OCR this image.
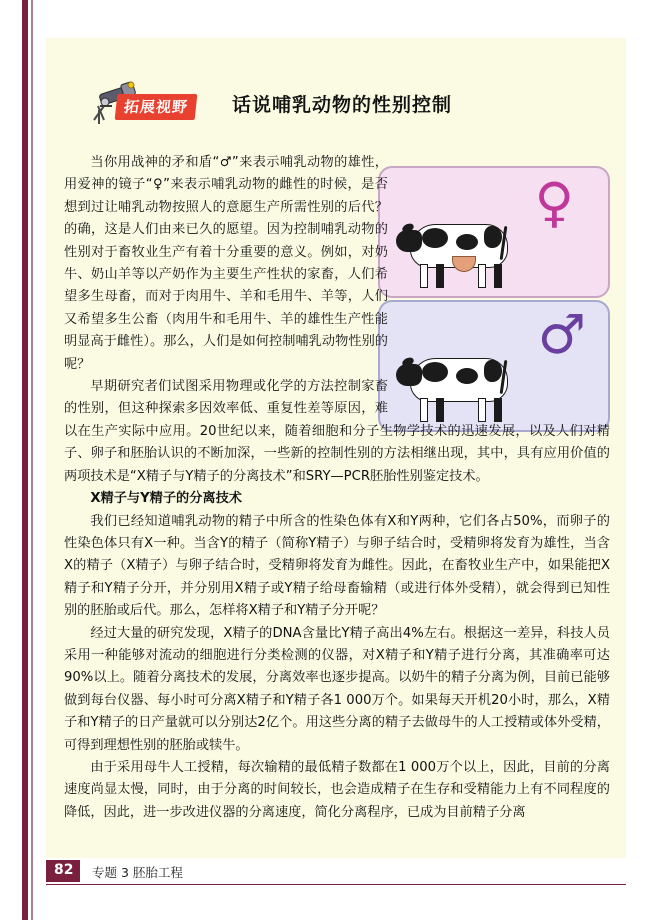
拓展视野	话说哺乳动物的性别控制
♀
♂

当你用战神的矛和盾“♂”来表示哺乳动物的雄性，用爱神的镜子“♀”来表示哺乳动物的雌性的时候，是否想到过让哺乳动物按照人的意愿生产所需性别的后代？的确，这是人们由来已久的愿望。因为控制哺乳动物的性别对于畜牧业生产有着十分重要的意义。例如，对奶牛、奶山羊等以产奶作为主要生产性状的家畜，人们希望多生母畜，而对于肉用牛、羊和毛用牛、羊等，人们又希望多生公畜（肉用牛和毛用牛、羊的雄性生产性能明显高于雌性）。那么，人们是如何控制哺乳动物性别的呢？

早期研究者们试图采用物理或化学的方法控制家畜的性别，但这种探索多因效率低、重复性差等原因，难以在生产实际中应用。20世纪以来，随着细胞和分子生物学技术的迅速发展，以及人们对精子、卵子和胚胎认识的不断加深，一些新的控制性别的方法相继出现，其中，具有应用价值的两项技术是“X精子与Y精子的分离技术”和SRY—PCR胚胎性别鉴定技术。

X精子与Y精子的分离技术

我们已经知道哺乳动物的精子中所含的性染色体有X和Y两种，它们各占50%，而卵子的性染色体只有X一种。当含Y的精子（简称Y精子）与卵子结合时，受精卵将发育为雄性，当含X的精子（X精子）与卵子结合时，受精卵将发育为雌性。因此，在畜牧业生产中，如果能把X精子和Y精子分开，并分别用X精子或Y精子给母畜输精（或进行体外受精），就会得到已知性别的胚胎或后代。那么，怎样将X精子和Y精子分开呢？

经过大量的研究发现，X精子的DNA含量比Y精子高出4%左右。根据这一差异，科技人员采用一种能够对流动的细胞进行分类检测的仪器，对X精子和Y精子进行分离，其准确率可达90%以上。随着分离技术的发展，分离效率也逐步提高。以奶牛的精子分离为例，目前已能够做到每台仪器、每小时可分离X精子和Y精子各1 000万个。如果每天开机20小时，那么，X精子和Y精子的日产量就可以分别达2亿个。用这些分离的精子去做母牛的人工授精或体外受精，可得到理想性别的胚胎或犊牛。

由于采用母牛人工授精，每次输精的最低精子数都在1 000万个以上，因此，目前的分离速度尚显太慢，同时，由于分离的时间较长，也会造成精子在生存和受精能力上有不同程度的降低，因此，进一步改进仪器的分离速度，简化分离程序，已成为目前精子分离

82 专题 3 胚胎工程
